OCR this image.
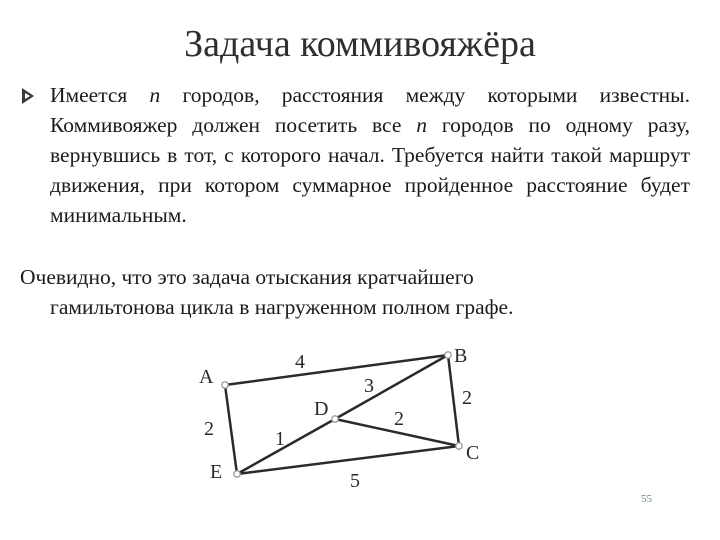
Задача коммивояжёра
Имеется n городов, расстояния между которыми известны. Коммивояжер должен посетить все n городов по одному разу, вернувшись в тот, с которого начал. Требуется найти такой маршрут движения, при котором суммарное пройденное расстояние будет минимальным.
Очевидно, что это задача отыскания кратчайшего
гамильтонова цикла в нагруженном полном графе.
A
B
C
D
E
4
2	1
3
2
2
5
55
